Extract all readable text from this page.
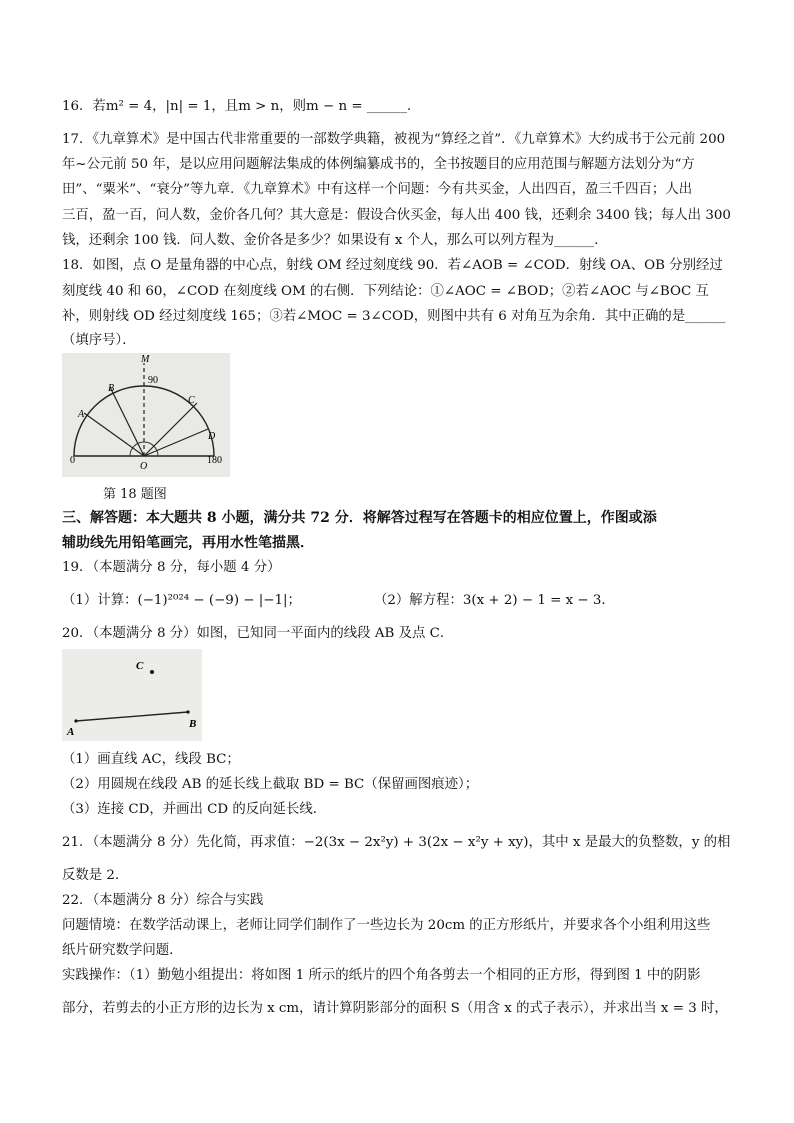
16．若m² = 4，|n| = 1，且m > n，则m − n = ______．
17．《九章算术》是中国古代非常重要的一部数学典籍，被视为“算经之首”．《九章算术》大约成书于公元前 200
年~公元前 50 年，是以应用问题解法集成的体例编纂成书的，全书按题目的应用范围与解题方法划分为“方
田”、“粟米”、“衰分”等九章．《九章算术》中有这样一个问题：今有共买金，人出四百，盈三千四百；人出
三百，盈一百，问人数，金价各几何？其大意是：假设合伙买金，每人出 400 钱，还剩余 3400 钱；每人出 300
钱，还剩余 100 钱．问人数、金价各是多少？如果设有 x 个人，那么可以列方程为______．
18．如图，点 O 是量角器的中心点，射线 OM 经过刻度线 90．若∠AOB = ∠COD．射线 OA、OB 分别经过
刻度线 40 和 60，∠COD 在刻度线 OM 的右侧．下列结论：①∠AOC = ∠BOD；②若∠AOC 与∠BOC 互
补，则射线 OD 经过刻度线 165；③若∠MOC = 3∠COD，则图中共有 6 对角互为余角．其中正确的是______
（填序号）．
M
90
A
B
C
D
O
0	180
第 18 题图
三、解答题：本大题共 8 小题，满分共 72 分．将解答过程写在答题卡的相应位置上，作图或添
辅助线先用铅笔画完，再用水性笔描黑．
19．（本题满分 8 分，每小题 4 分）
（1）计算：(−1)²⁰²⁴ − (−9) − |−1|；	（2）解方程：3(x + 2) − 1 = x − 3．
20．（本题满分 8 分）如图，已知同一平面内的线段 AB 及点 C．
C
A
B
（1）画直线 AC，线段 BC；
（2）用圆规在线段 AB 的延长线上截取 BD = BC（保留画图痕迹）；
（3）连接 CD，并画出 CD 的反向延长线．
21．（本题满分 8 分）先化简，再求值：−2(3x − 2x²y) + 3(2x − x²y + xy)，其中 x 是最大的负整数，y 的相
反数是 2．
22．（本题满分 8 分）综合与实践
问题情境：在数学活动课上，老师让同学们制作了一些边长为 20cm 的正方形纸片，并要求各个小组利用这些
纸片研究数学问题．
实践操作：（1）勤勉小组提出：将如图 1 所示的纸片的四个角各剪去一个相同的正方形，得到图 1 中的阴影
部分，若剪去的小正方形的边长为 x cm，请计算阴影部分的面积 S（用含 x 的式子表示），并求出当 x = 3 时，
